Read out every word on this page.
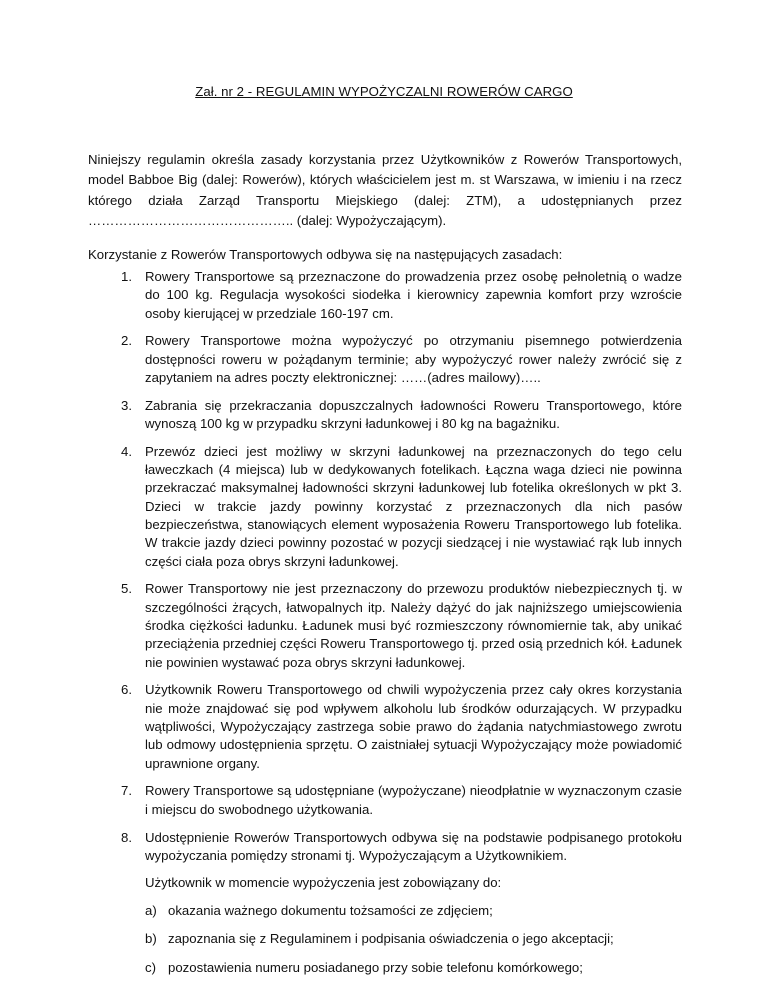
Zał. nr 2 - REGULAMIN WYPOŻYCZALNI ROWERÓW CARGO

Niniejszy regulamin określa zasady korzystania przez Użytkowników z Rowerów Transportowych, model Babboe Big (dalej: Rowerów), których właścicielem jest m. st Warszawa, w imieniu i na rzecz którego działa Zarząd Transportu Miejskiego (dalej: ZTM), a udostępnianych przez ……………………………………….. (dalej: Wypożyczającym).

Korzystanie z Rowerów Transportowych odbywa się na następujących zasadach:

1. Rowery Transportowe są przeznaczone do prowadzenia przez osobę pełnoletnią o wadze do 100 kg. Regulacja wysokości siodełka i kierownicy zapewnia komfort przy wzroście osoby kierującej w przedziale 160-197 cm.
2. Rowery Transportowe można wypożyczyć po otrzymaniu pisemnego potwierdzenia dostępności roweru w pożądanym terminie; aby wypożyczyć rower należy zwrócić się z zapytaniem na adres poczty elektronicznej: ……(adres mailowy)…..
3. Zabrania się przekraczania dopuszczalnych ładowności Roweru Transportowego, które wynoszą 100 kg w przypadku skrzyni ładunkowej i 80 kg na bagażniku.
4. Przewóz dzieci jest możliwy w skrzyni ładunkowej na przeznaczonych do tego celu ławeczkach (4 miejsca) lub w dedykowanych fotelikach. Łączna waga dzieci nie powinna przekraczać maksymalnej ładowności skrzyni ładunkowej lub fotelika określonych w pkt 3. Dzieci w trakcie jazdy powinny korzystać z przeznaczonych dla nich pasów bezpieczeństwa, stanowiących element wyposażenia Roweru Transportowego lub fotelika. W trakcie jazdy dzieci powinny pozostać w pozycji siedzącej i nie wystawiać rąk lub innych części ciała poza obrys skrzyni ładunkowej.
5. Rower Transportowy nie jest przeznaczony do przewozu produktów niebezpiecznych tj. w szczególności żrących, łatwopalnych itp. Należy dążyć do jak najniższego umiejscowienia środka ciężkości ładunku. Ładunek musi być rozmieszczony równomiernie tak, aby unikać przeciążenia przedniej części Roweru Transportowego tj. przed osią przednich kół. Ładunek nie powinien wystawać poza obrys skrzyni ładunkowej.
6. Użytkownik Roweru Transportowego od chwili wypożyczenia przez cały okres korzystania nie może znajdować się pod wpływem alkoholu lub środków odurzających. W przypadku wątpliwości, Wypożyczający zastrzega sobie prawo do żądania natychmiastowego zwrotu lub odmowy udostępnienia sprzętu. O zaistniałej sytuacji Wypożyczający może powiadomić uprawnione organy.
7. Rowery Transportowe są udostępniane (wypożyczane) nieodpłatnie w wyznaczonym czasie i miejscu do swobodnego użytkowania.
8. Udostępnienie Rowerów Transportowych odbywa się na podstawie podpisanego protokołu wypożyczania pomiędzy stronami tj. Wypożyczającym a Użytkownikiem.

Użytkownik w momencie wypożyczenia jest zobowiązany do:

a) okazania ważnego dokumentu tożsamości ze zdjęciem;

b) zapoznania się z Regulaminem i podpisania oświadczenia o jego akceptacji;

c) pozostawienia numeru posiadanego przy sobie telefonu komórkowego;
